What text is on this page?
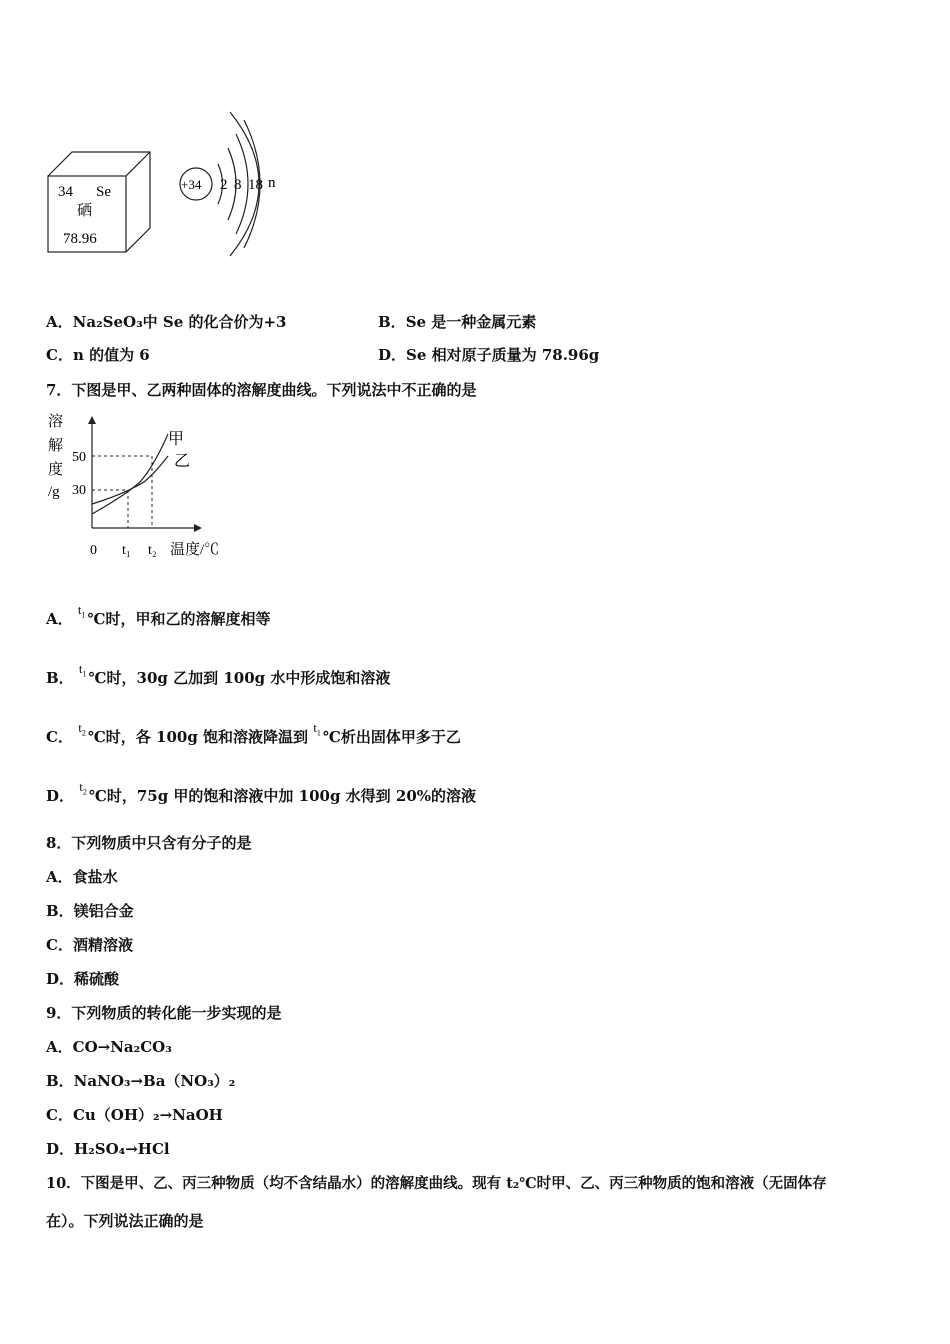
34 Se
硒
78.96
+34 2 8 18 n
A．Na₂SeO₃中 Se 的化合价为+3	B．Se 是一种金属元素
C．n 的值为 6	D．Se 相对原子质量为 78.96g
7．下图是甲、乙两种固体的溶解度曲线。下列说法中不正确的是
溶
解
度
/g
50
30
0 t₁ t₂ 温度/℃
甲
乙
A． $t_1$ ℃时，甲和乙的溶解度相等
B． $t_1$ ℃时，30g 乙加到 100g 水中形成饱和溶液
C． $t_2$ ℃时，各 100g 饱和溶液降温到 $t_1$ ℃析出固体甲多于乙
D． $t_2$ ℃时，75g 甲的饱和溶液中加 100g 水得到 20%的溶液
8．下列物质中只含有分子的是
A．食盐水
B．镁铝合金
C．酒精溶液
D．稀硫酸
9．下列物质的转化能一步实现的是
A．CO→Na₂CO₃
B．NaNO₃→Ba（NO₃）₂
C．Cu（OH）₂→NaOH
D．H₂SO₄→HCl
10．下图是甲、乙、丙三种物质（均不含结晶水）的溶解度曲线。现有 t₂℃时甲、乙、丙三种物质的饱和溶液（无固体存
在）。下列说法正确的是
